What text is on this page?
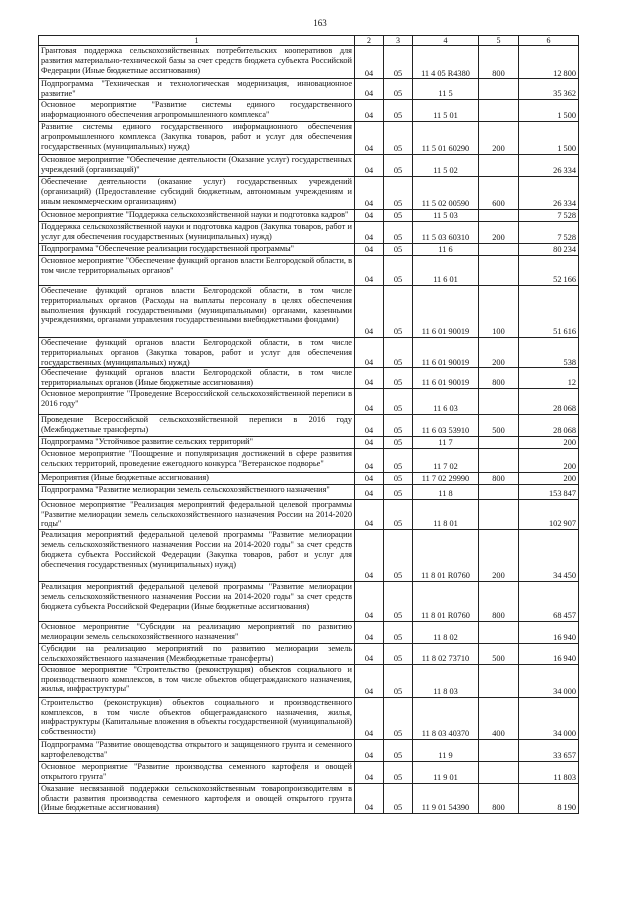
163
1	2	3	4	5	6
Грантовая поддержка сельскохозяйственных потребительских кооперативов для развития материально-технической базы за счет средств бюджета субъекта Российской Федерации (Иные бюджетные ассигнования)	04	05	11 4 05 R4380	800	12 800
Подпрограмма "Техническая и технологическая модернизация, инновационное развитие"	04	05	11 5		35 362
Основное мероприятие "Развитие системы единого государственного информационного обеспечения агропромышленного комплекса"	04	05	11 5 01		1 500
Развитие системы единого государственного информационного обеспечения агропромышленного комплекса (Закупка товаров, работ и услуг для обеспечения государственных (муниципальных) нужд)	04	05	11 5 01 60290	200	1 500
Основное мероприятие "Обеспечение деятельности (Оказание услуг) государственных учреждений (организаций)"	04	05	11 5 02		26 334
Обеспечение деятельности (оказание услуг) государственных учреждений (организаций) (Предоставление субсидий бюджетным, автономным учреждениям и иным некоммерческим организациям)	04	05	11 5 02 00590	600	26 334
Основное мероприятие "Поддержка сельскохозяйственной науки и подготовка кадров"	04	05	11 5 03		7 528
Поддержка сельскохозяйственной науки и подготовка кадров (Закупка товаров, работ и услуг для обеспечения государственных (муниципальных) нужд)	04	05	11 5 03 60310	200	7 528
Подпрограмма "Обеспечение реализации государственной программы"	04	05	11 6		80 234
Основное мероприятие "Обеспечение функций органов власти Белгородской области, в том числе территориальных органов"	04	05	11 6 01		52 166
Обеспечение функций органов власти Белгородской области, в том числе территориальных органов (Расходы на выплаты персоналу в целях обеспечения выполнения функций государственными (муниципальными) органами, казенными учреждениями, органами управления государственными внебюджетными фондами)	04	05	11 6 01 90019	100	51 616
Обеспечение функций органов власти Белгородской области, в том числе территориальных органов (Закупка товаров, работ и услуг для обеспечения государственных (муниципальных) нужд)	04	05	11 6 01 90019	200	538
Обеспечение функций органов власти Белгородской области, в том числе территориальных органов (Иные бюджетные ассигнования)	04	05	11 6 01 90019	800	12
Основное мероприятие "Проведение Всероссийской сельскохозяйственной переписи в 2016 году"	04	05	11 6 03		28 068
Проведение Всероссийской сельскохозяйственной переписи в 2016 году (Межбюджетные трансферты)	04	05	11 6 03 53910	500	28 068
Подпрограмма "Устойчивое развитие сельских территорий"	04	05	11 7		200
Основное мероприятие "Поощрение и популяризация достижений в сфере развития сельских территорий, проведение ежегодного конкурса "Ветеранское подворье"	04	05	11 7 02		200
Мероприятия (Иные бюджетные ассигнования)	04	05	11 7 02 29990	800	200
Подпрограмма "Развитие мелиорации земель сельскохозяйственного назначения"	04	05	11 8		153 847
Основное мероприятие "Реализация мероприятий федеральной целевой программы "Развитие мелиорации земель сельскохозяйственного назначения России на 2014-2020 годы"	04	05	11 8 01		102 907
Реализация мероприятий федеральной целевой программы "Развитие мелиорации земель сельскохозяйственного назначения России на 2014-2020 годы" за счет средств бюджета субъекта Российской Федерации (Закупка товаров, работ и услуг для обеспечения государственных (муниципальных) нужд)	04	05	11 8 01 R0760	200	34 450
Реализация мероприятий федеральной целевой программы "Развитие мелиорации земель сельскохозяйственного назначения России на 2014-2020 годы" за счет средств бюджета субъекта Российской Федерации (Иные бюджетные ассигнования)	04	05	11 8 01 R0760	800	68 457
Основное мероприятие "Субсидии на реализацию мероприятий по развитию мелиорации земель сельскохозяйственного назначения"	04	05	11 8 02		16 940
Субсидии на реализацию мероприятий по развитию мелиорации земель сельскохозяйственного назначения (Межбюджетные трансферты)	04	05	11 8 02 73710	500	16 940
Основное мероприятие "Строительство (реконструкция) объектов социального и производственного комплексов, в том числе объектов общегражданского назначения, жилья, инфраструктуры"	04	05	11 8 03		34 000
Строительство (реконструкция) объектов социального и производственного комплексов, в том числе объектов общегражданского назначения, жилья, инфраструктуры (Капитальные вложения в объекты государственной (муниципальной) собственности)	04	05	11 8 03 40370	400	34 000
Подпрограмма "Развитие овощеводства открытого и защищенного грунта и семенного картофелеводства"	04	05	11 9		33 657
Основное мероприятие "Развитие производства семенного картофеля и овощей открытого грунта"	04	05	11 9 01		11 803
Оказание несвязанной поддержки сельскохозяйственным товаропроизводителям в области развития производства семенного картофеля и овощей открытого грунта (Иные бюджетные ассигнования)	04	05	11 9 01 54390	800	8 190
